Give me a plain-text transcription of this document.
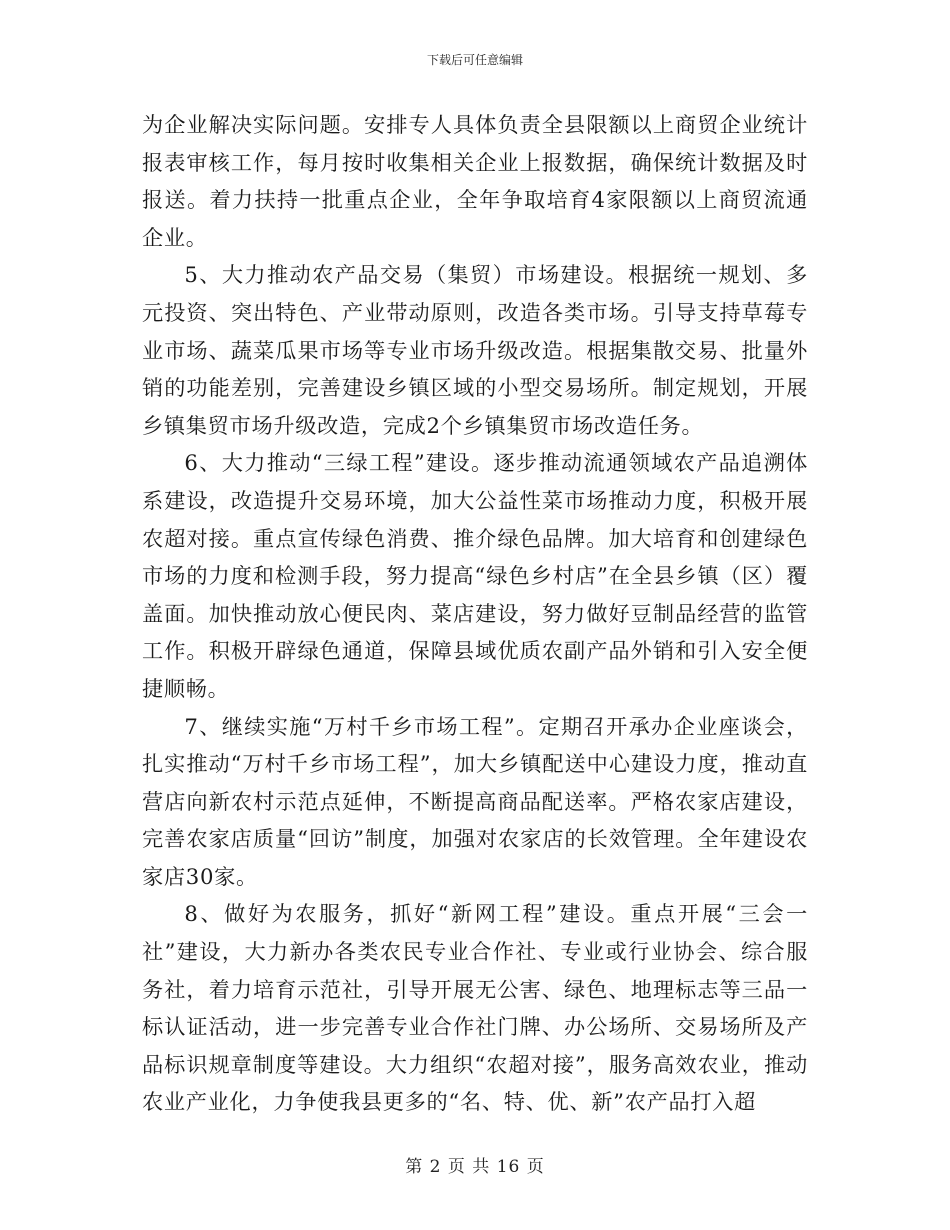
下载后可任意编辑

为企业解决实际问题。安排专人具体负责全县限额以上商贸企业统计报表审核工作，每月按时收集相关企业上报数据，确保统计数据及时报送。着力扶持一批重点企业，全年争取培育4家限额以上商贸流通企业。

5、大力推动农产品交易（集贸）市场建设。根据统一规划、多元投资、突出特色、产业带动原则，改造各类市场。引导支持草莓专业市场、蔬菜瓜果市场等专业市场升级改造。根据集散交易、批量外销的功能差别，完善建设乡镇区域的小型交易场所。制定规划，开展乡镇集贸市场升级改造，完成2个乡镇集贸市场改造任务。

6、大力推动“三绿工程”建设。逐步推动流通领域农产品追溯体系建设，改造提升交易环境，加大公益性菜市场推动力度，积极开展农超对接。重点宣传绿色消费、推介绿色品牌。加大培育和创建绿色市场的力度和检测手段，努力提高“绿色乡村店”在全县乡镇（区）覆盖面。加快推动放心便民肉、菜店建设，努力做好豆制品经营的监管工作。积极开辟绿色通道，保障县域优质农副产品外销和引入安全便捷顺畅。

7、继续实施“万村千乡市场工程”。定期召开承办企业座谈会，扎实推动“万村千乡市场工程”，加大乡镇配送中心建设力度，推动直营店向新农村示范点延伸，不断提高商品配送率。严格农家店建设，完善农家店质量“回访”制度，加强对农家店的长效管理。全年建设农家店30家。

8、做好为农服务，抓好“新网工程”建设。重点开展“三会一社”建设，大力新办各类农民专业合作社、专业或行业协会、综合服务社，着力培育示范社，引导开展无公害、绿色、地理标志等三品一标认证活动，进一步完善专业合作社门牌、办公场所、交易场所及产品标识规章制度等建设。大力组织“农超对接”，服务高效农业，推动农业产业化，力争使我县更多的“名、特、优、新”农产品打入超

第 2 页 共 16 页
